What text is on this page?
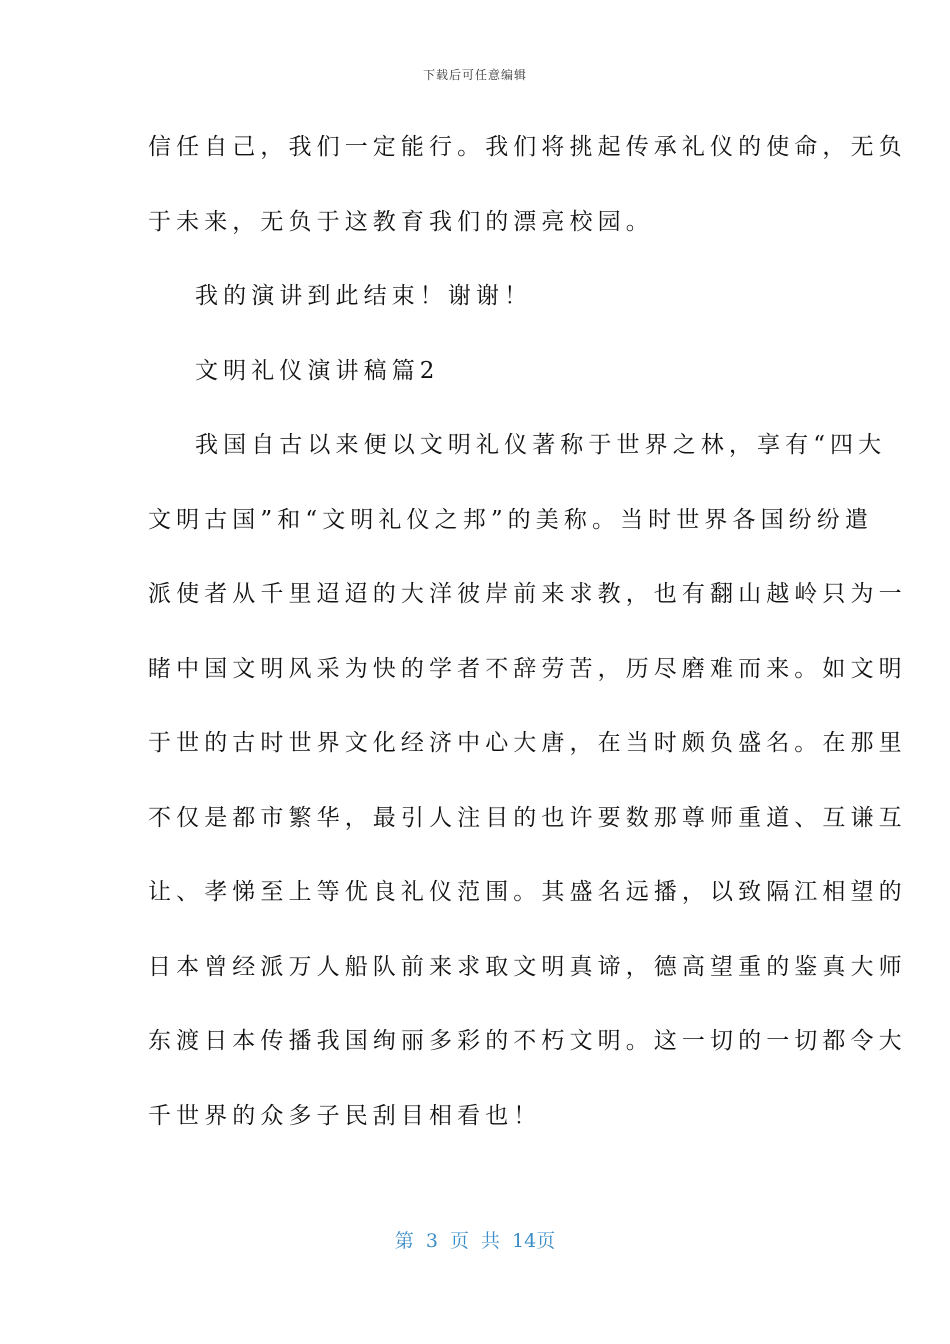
下载后可任意编辑
信任自己，我们一定能行。我们将挑起传承礼仪的使命，无负
于未来，无负于这教育我们的漂亮校园。
我的演讲到此结束！谢谢！
文明礼仪演讲稿篇2
我国自古以来便以文明礼仪著称于世界之林，享有“四大
文明古国”和“文明礼仪之邦”的美称。当时世界各国纷纷遣
派使者从千里迢迢的大洋彼岸前来求教，也有翻山越岭只为一
睹中国文明风采为快的学者不辞劳苦，历尽磨难而来。如文明
于世的古时世界文化经济中心大唐，在当时颇负盛名。在那里
不仅是都市繁华，最引人注目的也许要数那尊师重道、互谦互
让、孝悌至上等优良礼仪范围。其盛名远播，以致隔江相望的
日本曾经派万人船队前来求取文明真谛，德高望重的鉴真大师
东渡日本传播我国绚丽多彩的不朽文明。这一切的一切都令大
千世界的众多子民刮目相看也！
第 3 页 共 14页
